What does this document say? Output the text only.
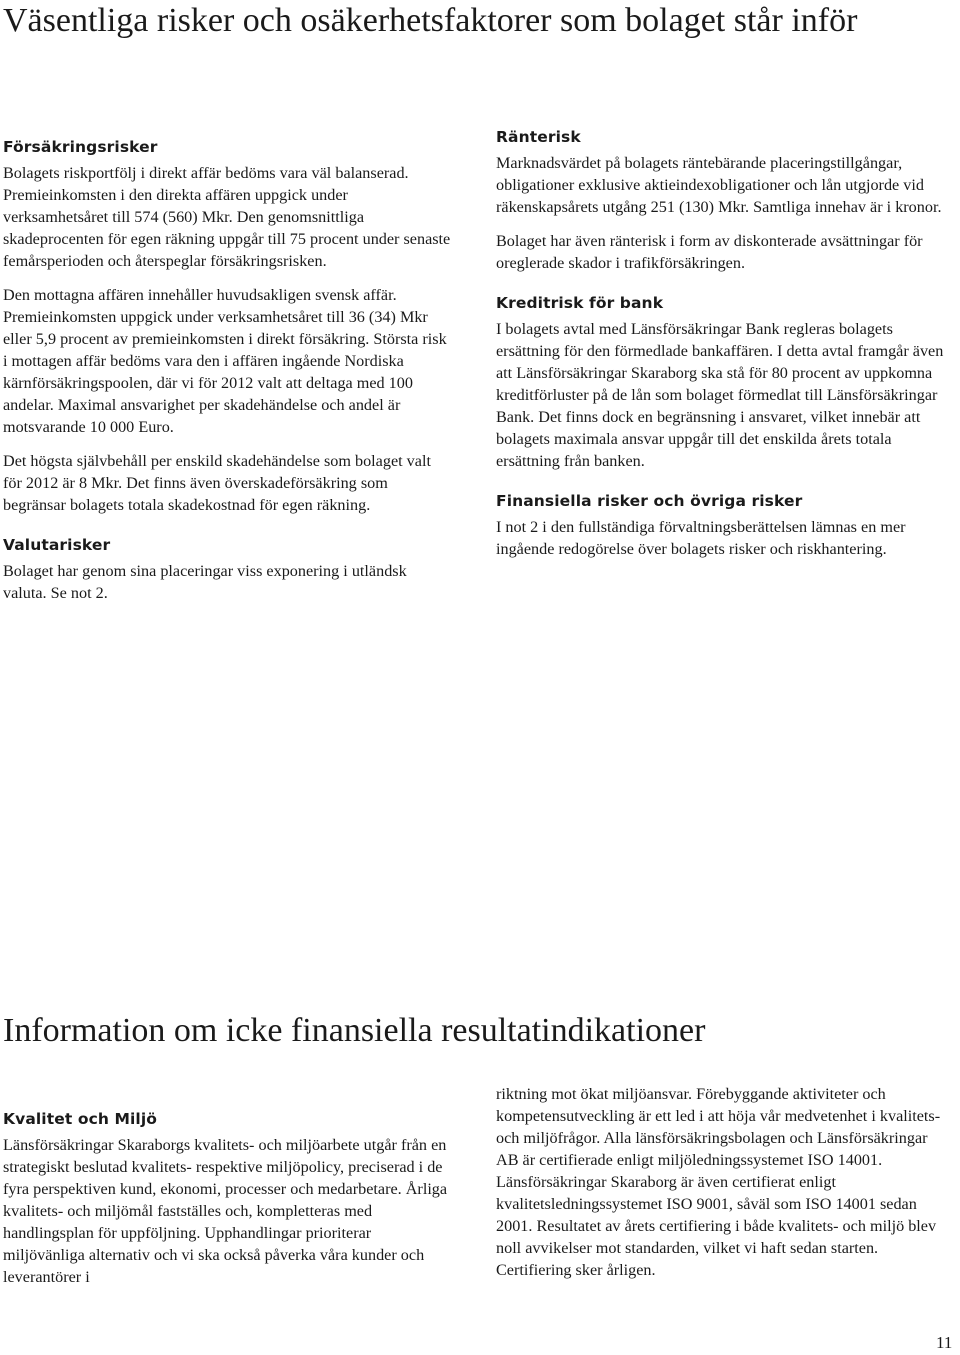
Väsentliga risker och osäkerhetsfaktorer som bolaget står inför
Försäkringsrisker

Bolagets riskportfölj i direkt affär bedöms vara väl balanserad. Premieinkomsten i den direkta affären uppgick under verksamhetsåret till 574 (560) Mkr. Den genomsnittliga skadeprocenten för egen räkning uppgår till 75 procent under senaste femårsperioden och återspeglar försäkringsrisken.

Den mottagna affären innehåller huvudsakligen svensk affär. Premieinkomsten uppgick under verksamhetsåret till 36 (34) Mkr eller 5,9 procent av premieinkomsten i direkt försäkring. Största risk i mottagen affär bedöms vara den i affären ingående Nordiska kärnförsäkringspoolen, där vi för 2012 valt att deltaga med 100 andelar. Maximal ansvarighet per skadehändelse och andel är motsvarande 10 000 Euro.

Det högsta självbehåll per enskild skadehändelse som bolaget valt för 2012 är 8 Mkr. Det finns även överskadeförsäkring som begränsar bolagets totala skadekostnad för egen räkning.

Valutarisker

Bolaget har genom sina placeringar viss exponering i utländsk valuta. Se not 2.

Ränterisk

Marknadsvärdet på bolagets räntebärande placeringstillgångar, obligationer exklusive aktieindexobligationer och lån utgjorde vid räkenskapsårets utgång 251 (130) Mkr. Samtliga innehav är i kronor.

Bolaget har även ränterisk i form av diskonterade avsättningar för oreglerade skador i trafikförsäkringen.

Kreditrisk för bank

I bolagets avtal med Länsförsäkringar Bank regleras bolagets ersättning för den förmedlade bankaffären. I detta avtal framgår även att Länsförsäkringar Skaraborg ska stå för 80 procent av uppkomna kreditförluster på de lån som bolaget förmedlat till Länsförsäkringar Bank. Det finns dock en begränsning i ansvaret, vilket innebär att bolagets maximala ansvar uppgår till det enskilda årets totala ersättning från banken.

Finansiella risker och övriga risker

I not 2 i den fullständiga förvaltningsberättelsen lämnas en mer ingående redogörelse över bolagets risker och riskhantering.

Information om icke finansiella resultatindikationer
Kvalitet och Miljö

Länsförsäkringar Skaraborgs kvalitets- och miljöarbete utgår från en strategiskt beslutad kvalitets- respektive miljöpolicy, preciserad i de fyra perspektiven kund, ekonomi, processer och medarbetare. Årliga kvalitets- och miljömål fastställes och, kompletteras med handlingsplan för uppföljning. Upphandlingar prioriterar miljövänliga alternativ och vi ska också påverka våra kunder och leverantörer i

riktning mot ökat miljöansvar. Förebyggande aktiviteter och kompetensutveckling är ett led i att höja vår medvetenhet i kvalitets- och miljöfrågor. Alla länsförsäkringsbolagen och Länsförsäkringar AB är certifierade enligt miljöledningssystemet ISO 14001. Länsförsäkringar Skaraborg är även certifierat enligt kvalitetsledningssystemet ISO 9001, såväl som ISO 14001 sedan 2001. Resultatet av årets certifiering i både kvalitets- och miljö blev noll avvikelser mot standarden, vilket vi haft sedan starten. Certifiering sker årligen.

11
